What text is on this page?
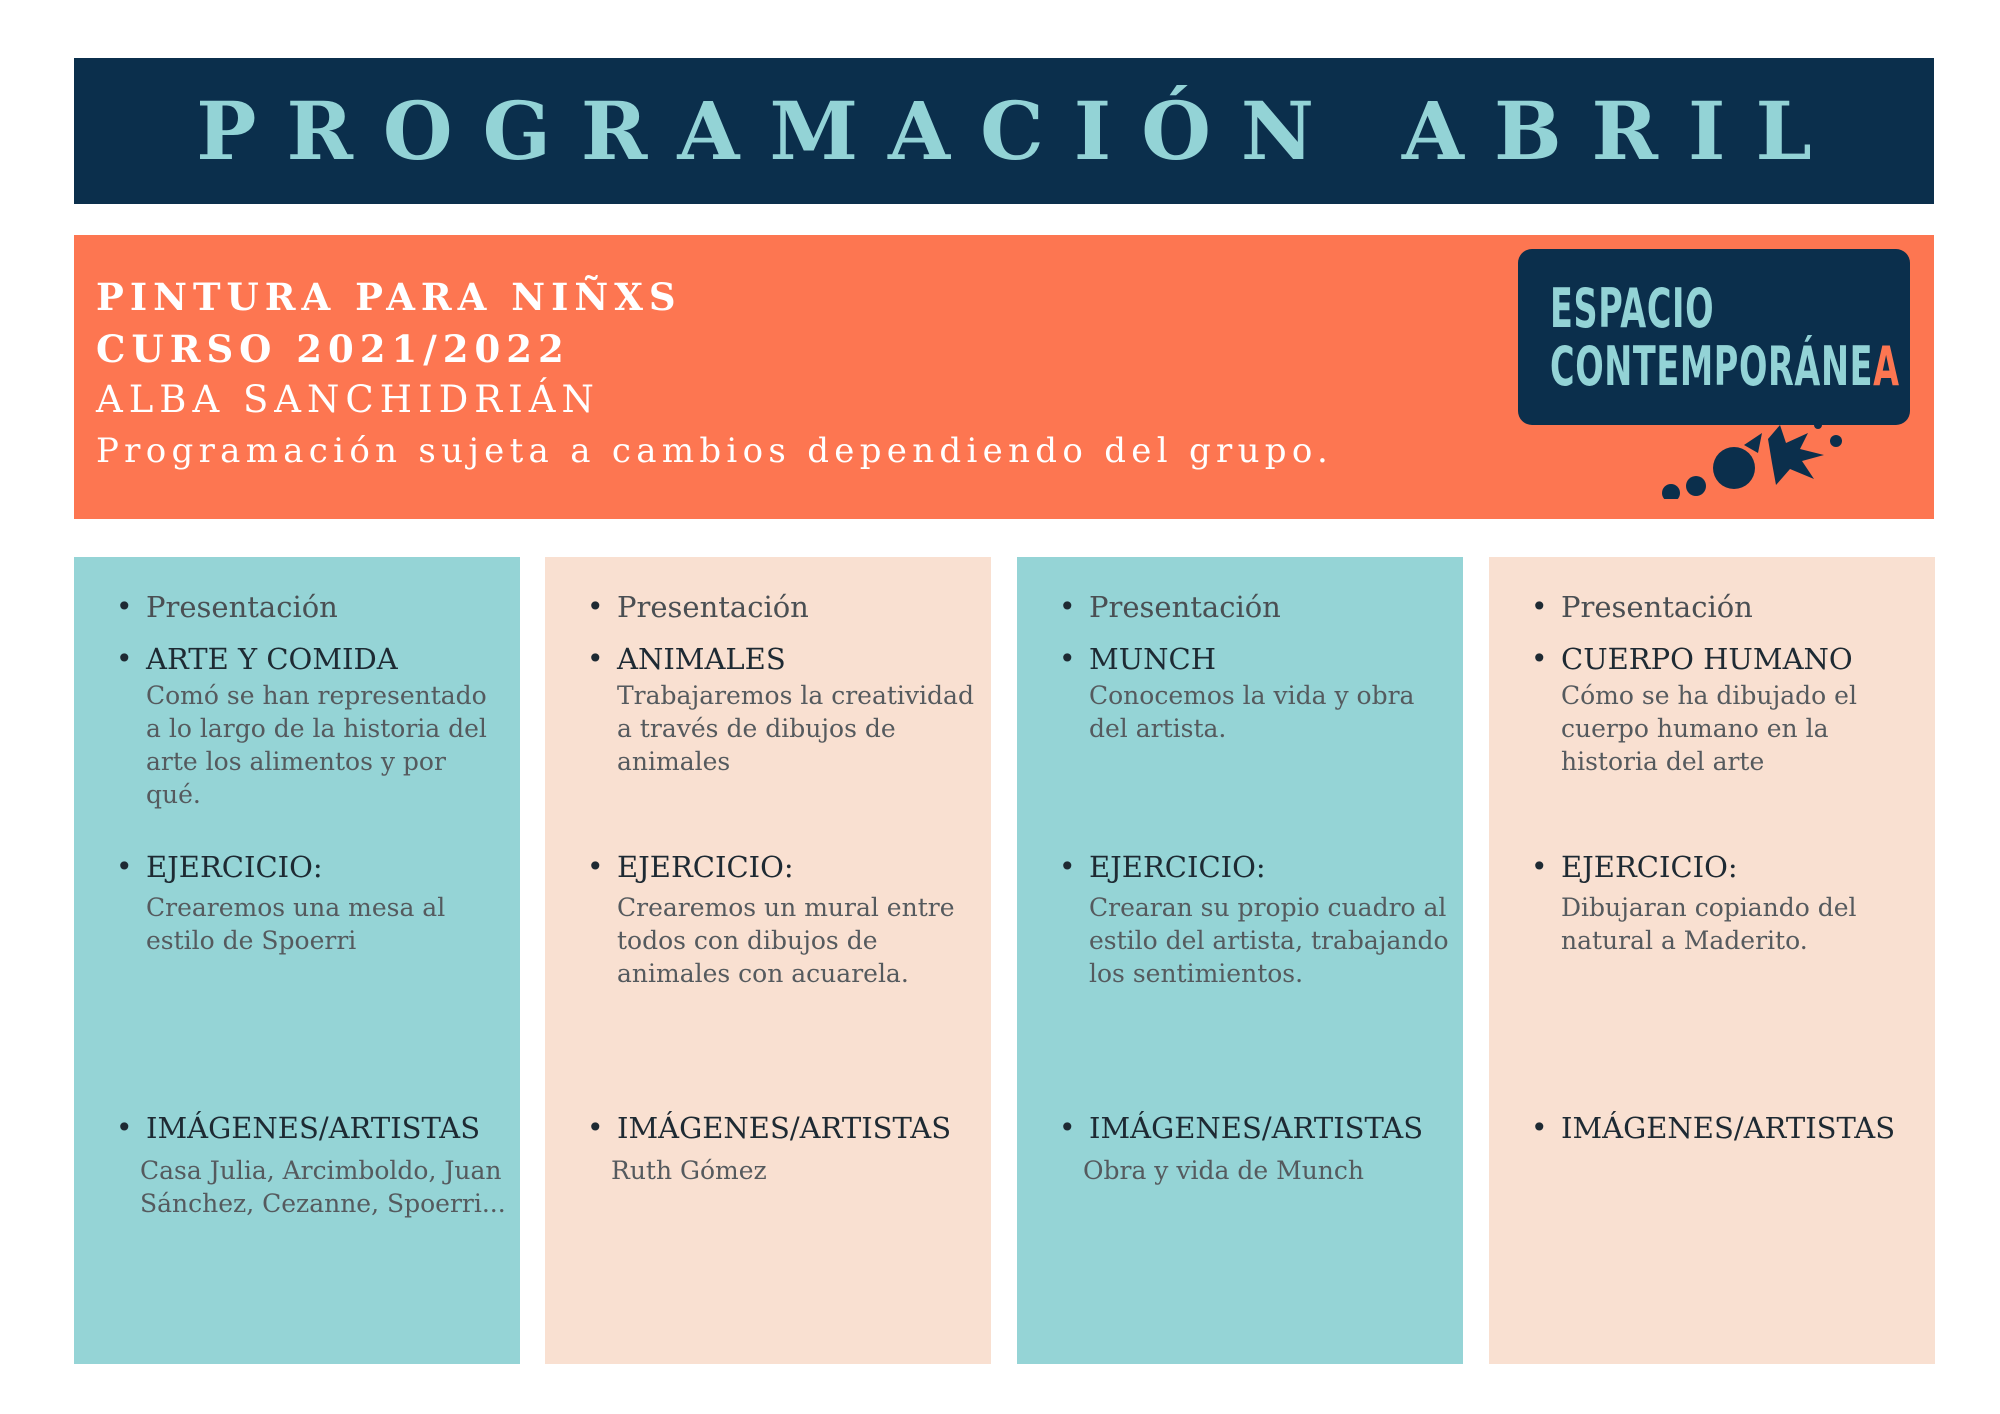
PROGRAMACIÓN ABRIL
PINTURA PARA NIÑXS
CURSO 2021/2022
ALBA SANCHIDRIÁN
Programación sujeta a cambios dependiendo del grupo.
ESPACIO
CONTEMPORÁNEA
• Presentación
• ARTE Y COMIDA
Comó se han representado a lo largo de la historia del arte los alimentos y por qué.
• EJERCICIO:
Crearemos una mesa al estilo de Spoerri
• IMÁGENES/ARTISTAS
Casa Julia, Arcimboldo, Juan Sánchez, Cezanne, Spoerri...
• Presentación
• ANIMALES
Trabajaremos la creatividad a través de dibujos de animales
• EJERCICIO:
Crearemos un mural entre todos con dibujos de animales con acuarela.
• IMÁGENES/ARTISTAS
Ruth Gómez
• Presentación
• MUNCH
Conocemos la vida y obra del artista.
• EJERCICIO:
Crearan su propio cuadro al estilo del artista, trabajando los sentimientos.
• IMÁGENES/ARTISTAS
Obra y vida de Munch
• Presentación
• CUERPO HUMANO
Cómo se ha dibujado el cuerpo humano en la historia del arte
• EJERCICIO:
Dibujaran copiando del natural a Maderito.
• IMÁGENES/ARTISTAS
